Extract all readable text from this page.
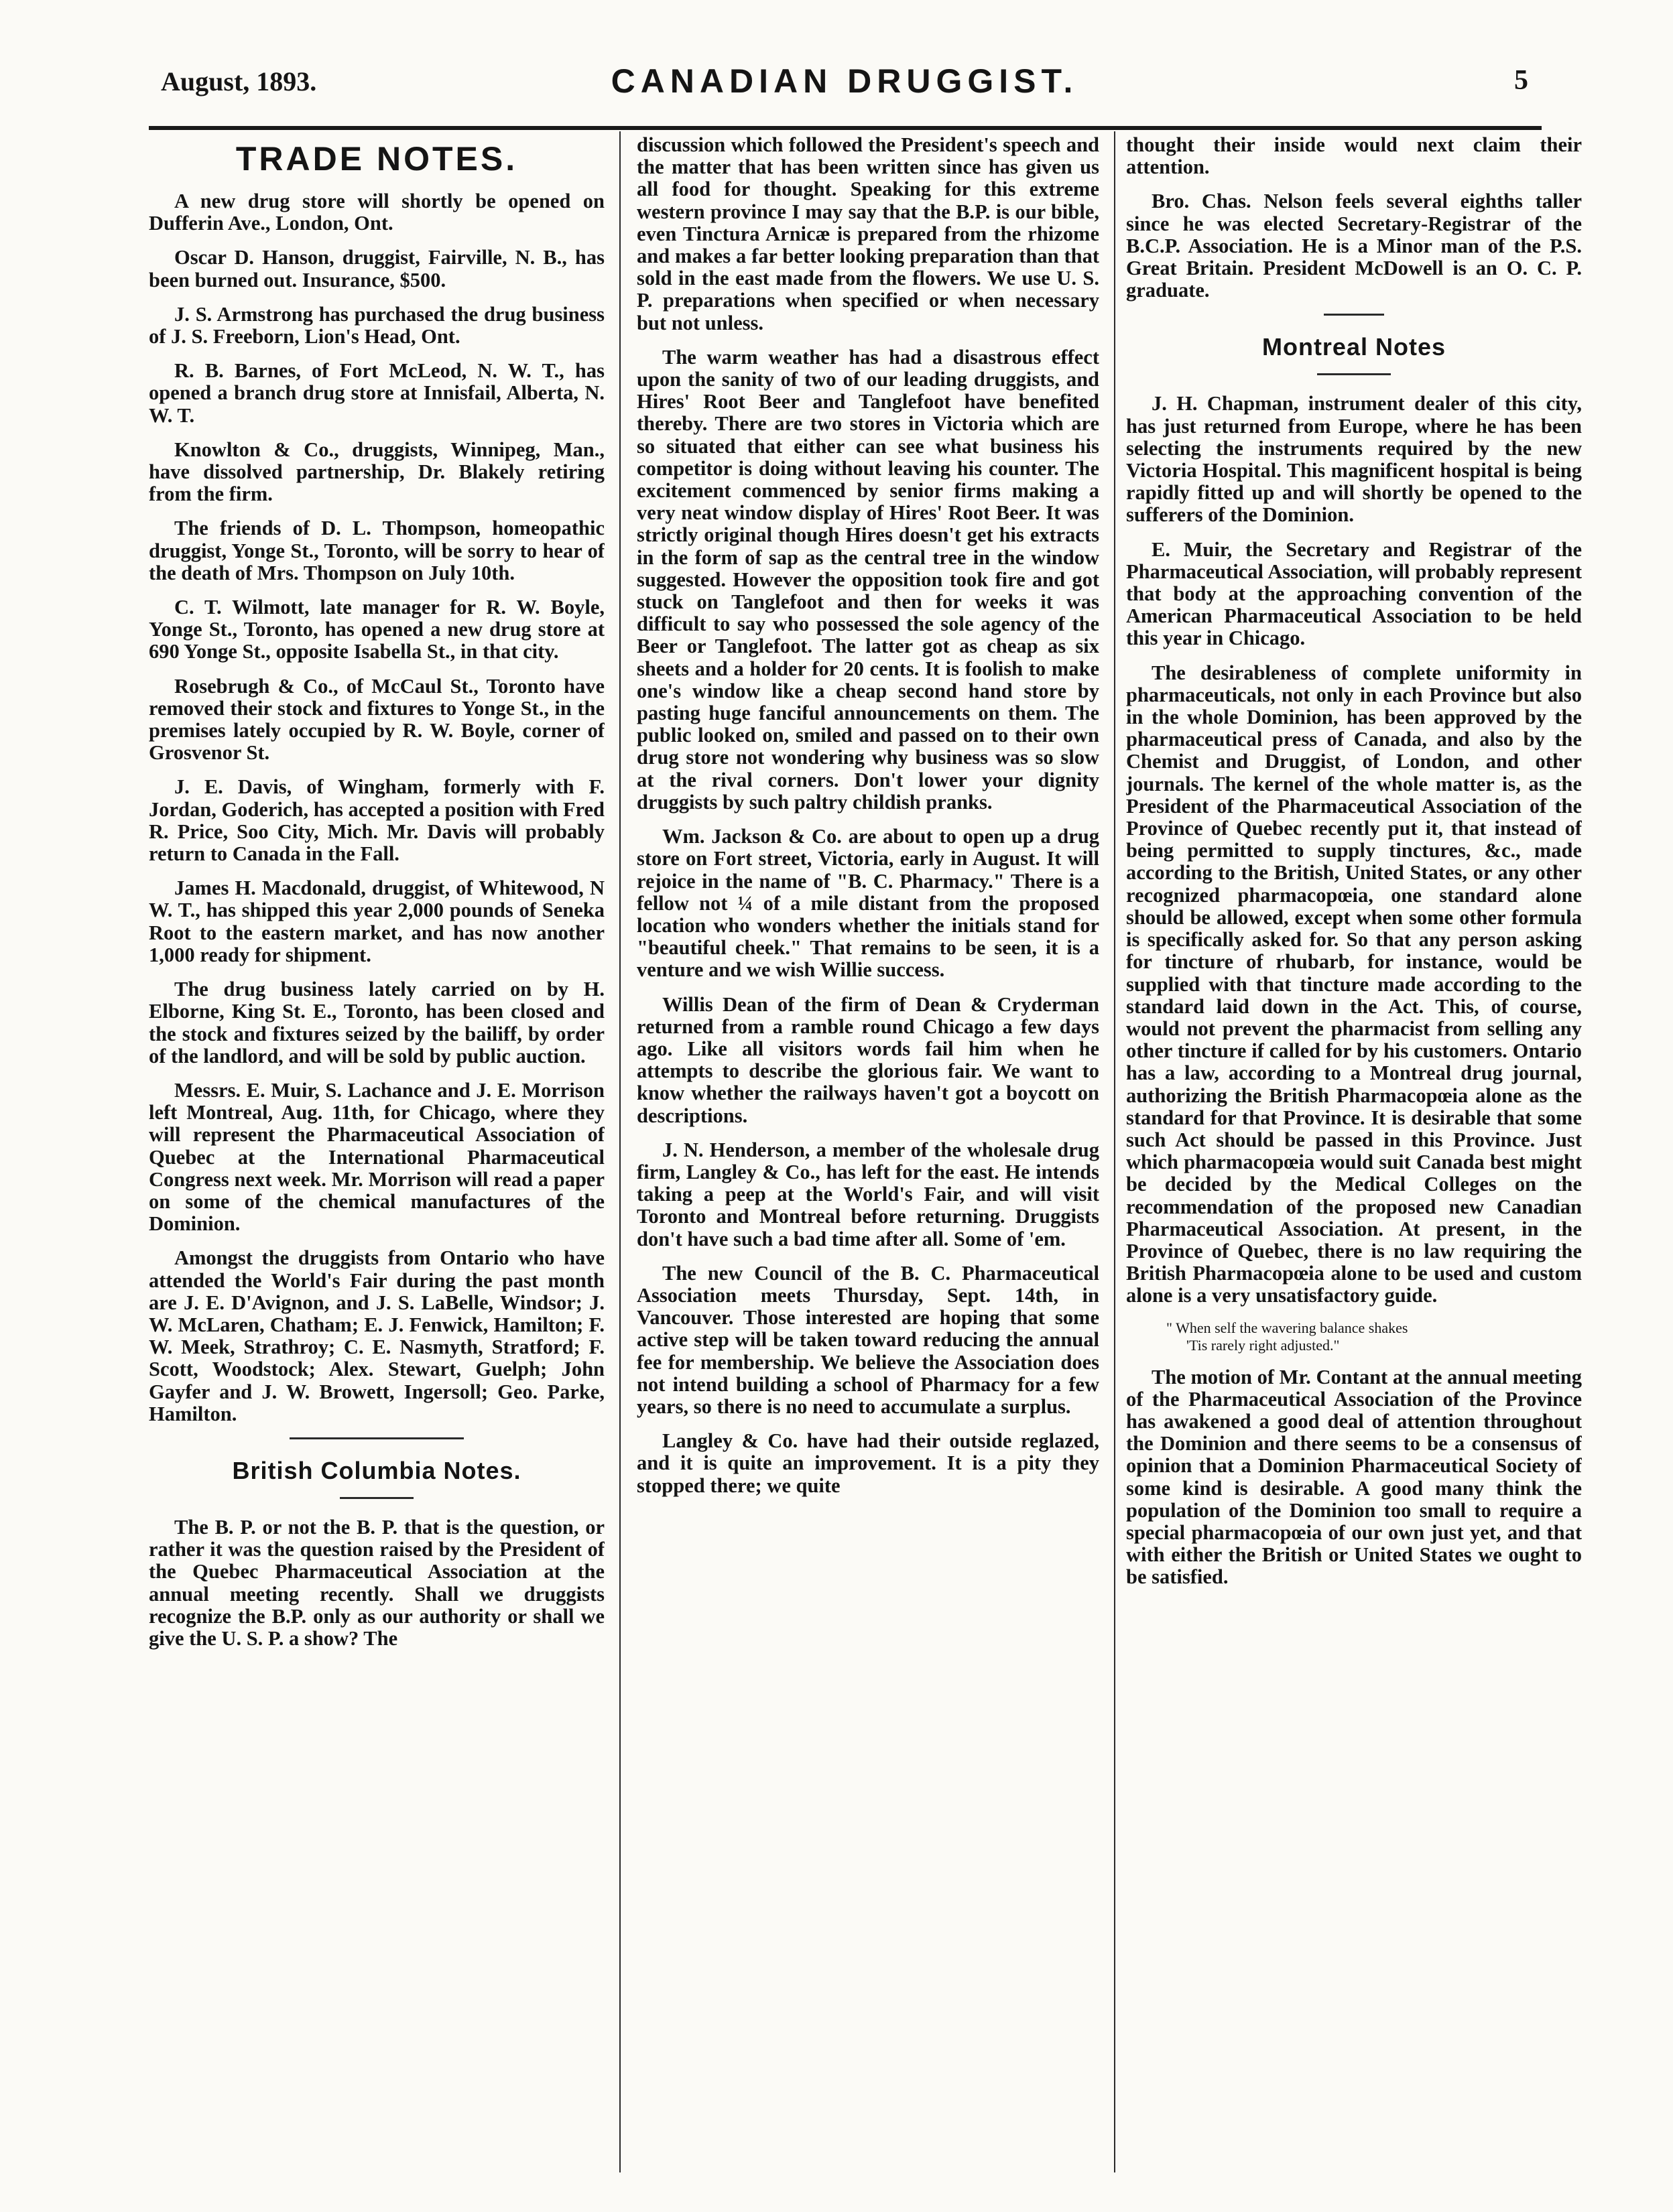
August, 1893.	CANADIAN DRUGGIST.	5
TRADE NOTES.

A new drug store will shortly be opened on Dufferin Ave., London, Ont.

Oscar D. Hanson, druggist, Fairville, N. B., has been burned out. Insurance, $500.

J. S. Armstrong has purchased the drug business of J. S. Freeborn, Lion's Head, Ont.

R. B. Barnes, of Fort McLeod, N. W. T., has opened a branch drug store at Innisfail, Alberta, N. W. T.

Knowlton & Co., druggists, Winnipeg, Man., have dissolved partnership, Dr. Blakely retiring from the firm.

The friends of D. L. Thompson, homeopathic druggist, Yonge St., Toronto, will be sorry to hear of the death of Mrs. Thompson on July 10th.

C. T. Wilmott, late manager for R. W. Boyle, Yonge St., Toronto, has opened a new drug store at 690 Yonge St., opposite Isabella St., in that city.

Rosebrugh & Co., of McCaul St., Toronto have removed their stock and fixtures to Yonge St., in the premises lately occupied by R. W. Boyle, corner of Grosvenor St.

J. E. Davis, of Wingham, formerly with F. Jordan, Goderich, has accepted a position with Fred R. Price, Soo City, Mich. Mr. Davis will probably return to Canada in the Fall.

James H. Macdonald, druggist, of Whitewood, N W. T., has shipped this year 2,000 pounds of Seneka Root to the eastern market, and has now another 1,000 ready for shipment.

The drug business lately carried on by H. Elborne, King St. E., Toronto, has been closed and the stock and fixtures seized by the bailiff, by order of the landlord, and will be sold by public auction.

Messrs. E. Muir, S. Lachance and J. E. Morrison left Montreal, Aug. 11th, for Chicago, where they will represent the Pharmaceutical Association of Quebec at the International Pharmaceutical Congress next week. Mr. Morrison will read a paper on some of the chemical manufactures of the Dominion.

Amongst the druggists from Ontario who have attended the World's Fair during the past month are J. E. D'Avignon, and J. S. LaBelle, Windsor; J. W. McLaren, Chatham; E. J. Fenwick, Hamilton; F. W. Meek, Strathroy; C. E. Nasmyth, Stratford; F. Scott, Woodstock; Alex. Stewart, Guelph; John Gayfer and J. W. Browett, Ingersoll; Geo. Parke, Hamilton.

British Columbia Notes.

The B. P. or not the B. P. that is the question, or rather it was the question raised by the President of the Quebec Pharmaceutical Association at the annual meeting recently. Shall we druggists recognize the B.P. only as our authority or shall we give the U. S. P. a show? The

discussion which followed the President's speech and the matter that has been written since has given us all food for thought. Speaking for this extreme western province I may say that the B.P. is our bible, even Tinctura Arnicæ is prepared from the rhizome and makes a far better looking preparation than that sold in the east made from the flowers. We use U. S. P. preparations when specified or when necessary but not unless.

The warm weather has had a disastrous effect upon the sanity of two of our leading druggists, and Hires' Root Beer and Tanglefoot have benefited thereby. There are two stores in Victoria which are so situated that either can see what business his competitor is doing without leaving his counter. The excitement commenced by senior firms making a very neat window display of Hires' Root Beer. It was strictly original though Hires doesn't get his extracts in the form of sap as the central tree in the window suggested. However the opposition took fire and got stuck on Tanglefoot and then for weeks it was difficult to say who possessed the sole agency of the Beer or Tanglefoot. The latter got as cheap as six sheets and a holder for 20 cents. It is foolish to make one's window like a cheap second hand store by pasting huge fanciful announcements on them. The public looked on, smiled and passed on to their own drug store not wondering why business was so slow at the rival corners. Don't lower your dignity druggists by such paltry childish pranks.

Wm. Jackson & Co. are about to open up a drug store on Fort street, Victoria, early in August. It will rejoice in the name of "B. C. Pharmacy." There is a fellow not ¼ of a mile distant from the proposed location who wonders whether the initials stand for "beautiful cheek." That remains to be seen, it is a venture and we wish Willie success.

Willis Dean of the firm of Dean & Cryderman returned from a ramble round Chicago a few days ago. Like all visitors words fail him when he attempts to describe the glorious fair. We want to know whether the railways haven't got a boycott on descriptions.

J. N. Henderson, a member of the wholesale drug firm, Langley & Co., has left for the east. He intends taking a peep at the World's Fair, and will visit Toronto and Montreal before returning. Druggists don't have such a bad time after all. Some of 'em.

The new Council of the B. C. Pharmaceutical Association meets Thursday, Sept. 14th, in Vancouver. Those interested are hoping that some active step will be taken toward reducing the annual fee for membership. We believe the Association does not intend building a school of Pharmacy for a few years, so there is no need to accumulate a surplus.

Langley & Co. have had their outside reglazed, and it is quite an improvement. It is a pity they stopped there; we quite

thought their inside would next claim their attention.

Bro. Chas. Nelson feels several eighths taller since he was elected Secretary-Registrar of the B.C.P. Association. He is a Minor man of the P.S. Great Britain. President McDowell is an O. C. P. graduate.

Montreal Notes

J. H. Chapman, instrument dealer of this city, has just returned from Europe, where he has been selecting the instruments required by the new Victoria Hospital. This magnificent hospital is being rapidly fitted up and will shortly be opened to the sufferers of the Dominion.

E. Muir, the Secretary and Registrar of the Pharmaceutical Association, will probably represent that body at the approaching convention of the American Pharmaceutical Association to be held this year in Chicago.

The desirableness of complete uniformity in pharmaceuticals, not only in each Province but also in the whole Dominion, has been approved by the pharmaceutical press of Canada, and also by the Chemist and Druggist, of London, and other journals. The kernel of the whole matter is, as the President of the Pharmaceutical Association of the Province of Quebec recently put it, that instead of being permitted to supply tinctures, &c., made according to the British, United States, or any other recognized pharmacopœia, one standard alone should be allowed, except when some other formula is specifically asked for. So that any person asking for tincture of rhubarb, for instance, would be supplied with that tincture made according to the standard laid down in the Act. This, of course, would not prevent the pharmacist from selling any other tincture if called for by his customers. Ontario has a law, according to a Montreal drug journal, authorizing the British Pharmacopœia alone as the standard for that Province. It is desirable that some such Act should be passed in this Province. Just which pharmacopœia would suit Canada best might be decided by the Medical Colleges on the recommendation of the proposed new Canadian Pharmaceutical Association. At present, in the Province of Quebec, there is no law requiring the British Pharmacopœia alone to be used and custom alone is a very unsatisfactory guide.

" When self the wavering balance shakes
'Tis rarely right adjusted."

The motion of Mr. Contant at the annual meeting of the Pharmaceutical Association of the Province has awakened a good deal of attention throughout the Dominion and there seems to be a consensus of opinion that a Dominion Pharmaceutical Society of some kind is desirable. A good many think the population of the Dominion too small to require a special pharmacopœia of our own just yet, and that with either the British or United States we ought to be satisfied.
